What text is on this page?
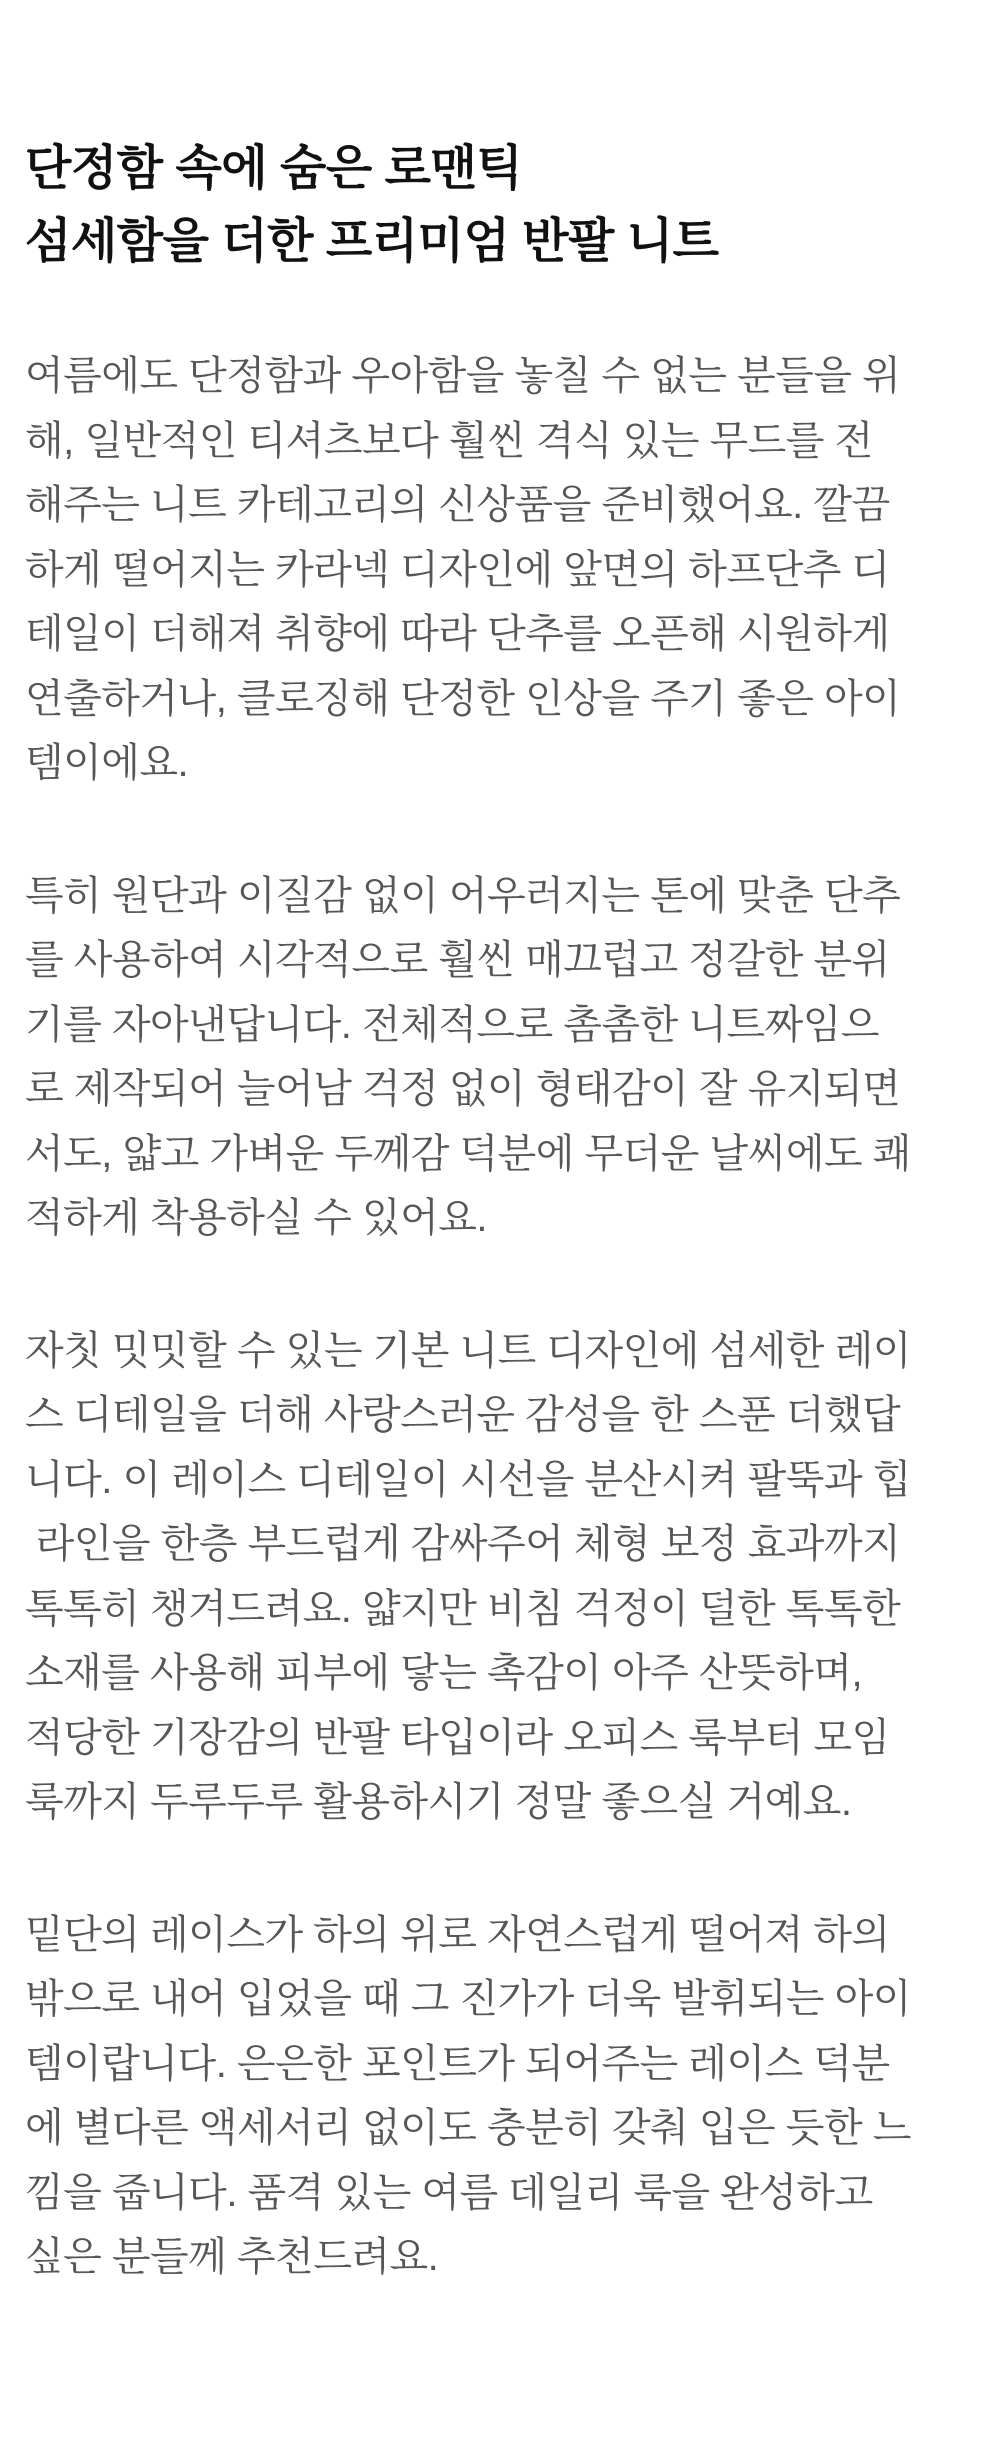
단정함 속에 숨은 로맨틱
섬세함을 더한 프리미엄 반팔 니트

여름에도 단정함과 우아함을 놓칠 수 없는 분들을 위
해, 일반적인 티셔츠보다 훨씬 격식 있는 무드를 전
해주는 니트 카테고리의 신상품을 준비했어요. 깔끔
하게 떨어지는 카라넥 디자인에 앞면의 하프단추 디
테일이 더해져 취향에 따라 단추를 오픈해 시원하게
연출하거나, 클로징해 단정한 인상을 주기 좋은 아이
템이에요.

특히 원단과 이질감 없이 어우러지는 톤에 맞춘 단추
를 사용하여 시각적으로 훨씬 매끄럽고 정갈한 분위
기를 자아낸답니다. 전체적으로 촘촘한 니트짜임으
로 제작되어 늘어남 걱정 없이 형태감이 잘 유지되면
서도, 얇고 가벼운 두께감 덕분에 무더운 날씨에도 쾌
적하게 착용하실 수 있어요.

자칫 밋밋할 수 있는 기본 니트 디자인에 섬세한 레이
스 디테일을 더해 사랑스러운 감성을 한 스푼 더했답
니다. 이 레이스 디테일이 시선을 분산시켜 팔뚝과 힙
라인을 한층 부드럽게 감싸주어 체형 보정 효과까지
톡톡히 챙겨드려요. 얇지만 비침 걱정이 덜한 톡톡한
소재를 사용해 피부에 닿는 촉감이 아주 산뜻하며,
적당한 기장감의 반팔 타입이라 오피스 룩부터 모임
룩까지 두루두루 활용하시기 정말 좋으실 거예요.

밑단의 레이스가 하의 위로 자연스럽게 떨어져 하의
밖으로 내어 입었을 때 그 진가가 더욱 발휘되는 아이
템이랍니다. 은은한 포인트가 되어주는 레이스 덕분
에 별다른 액세서리 없이도 충분히 갖춰 입은 듯한 느
낌을 줍니다. 품격 있는 여름 데일리 룩을 완성하고
싶은 분들께 추천드려요.
